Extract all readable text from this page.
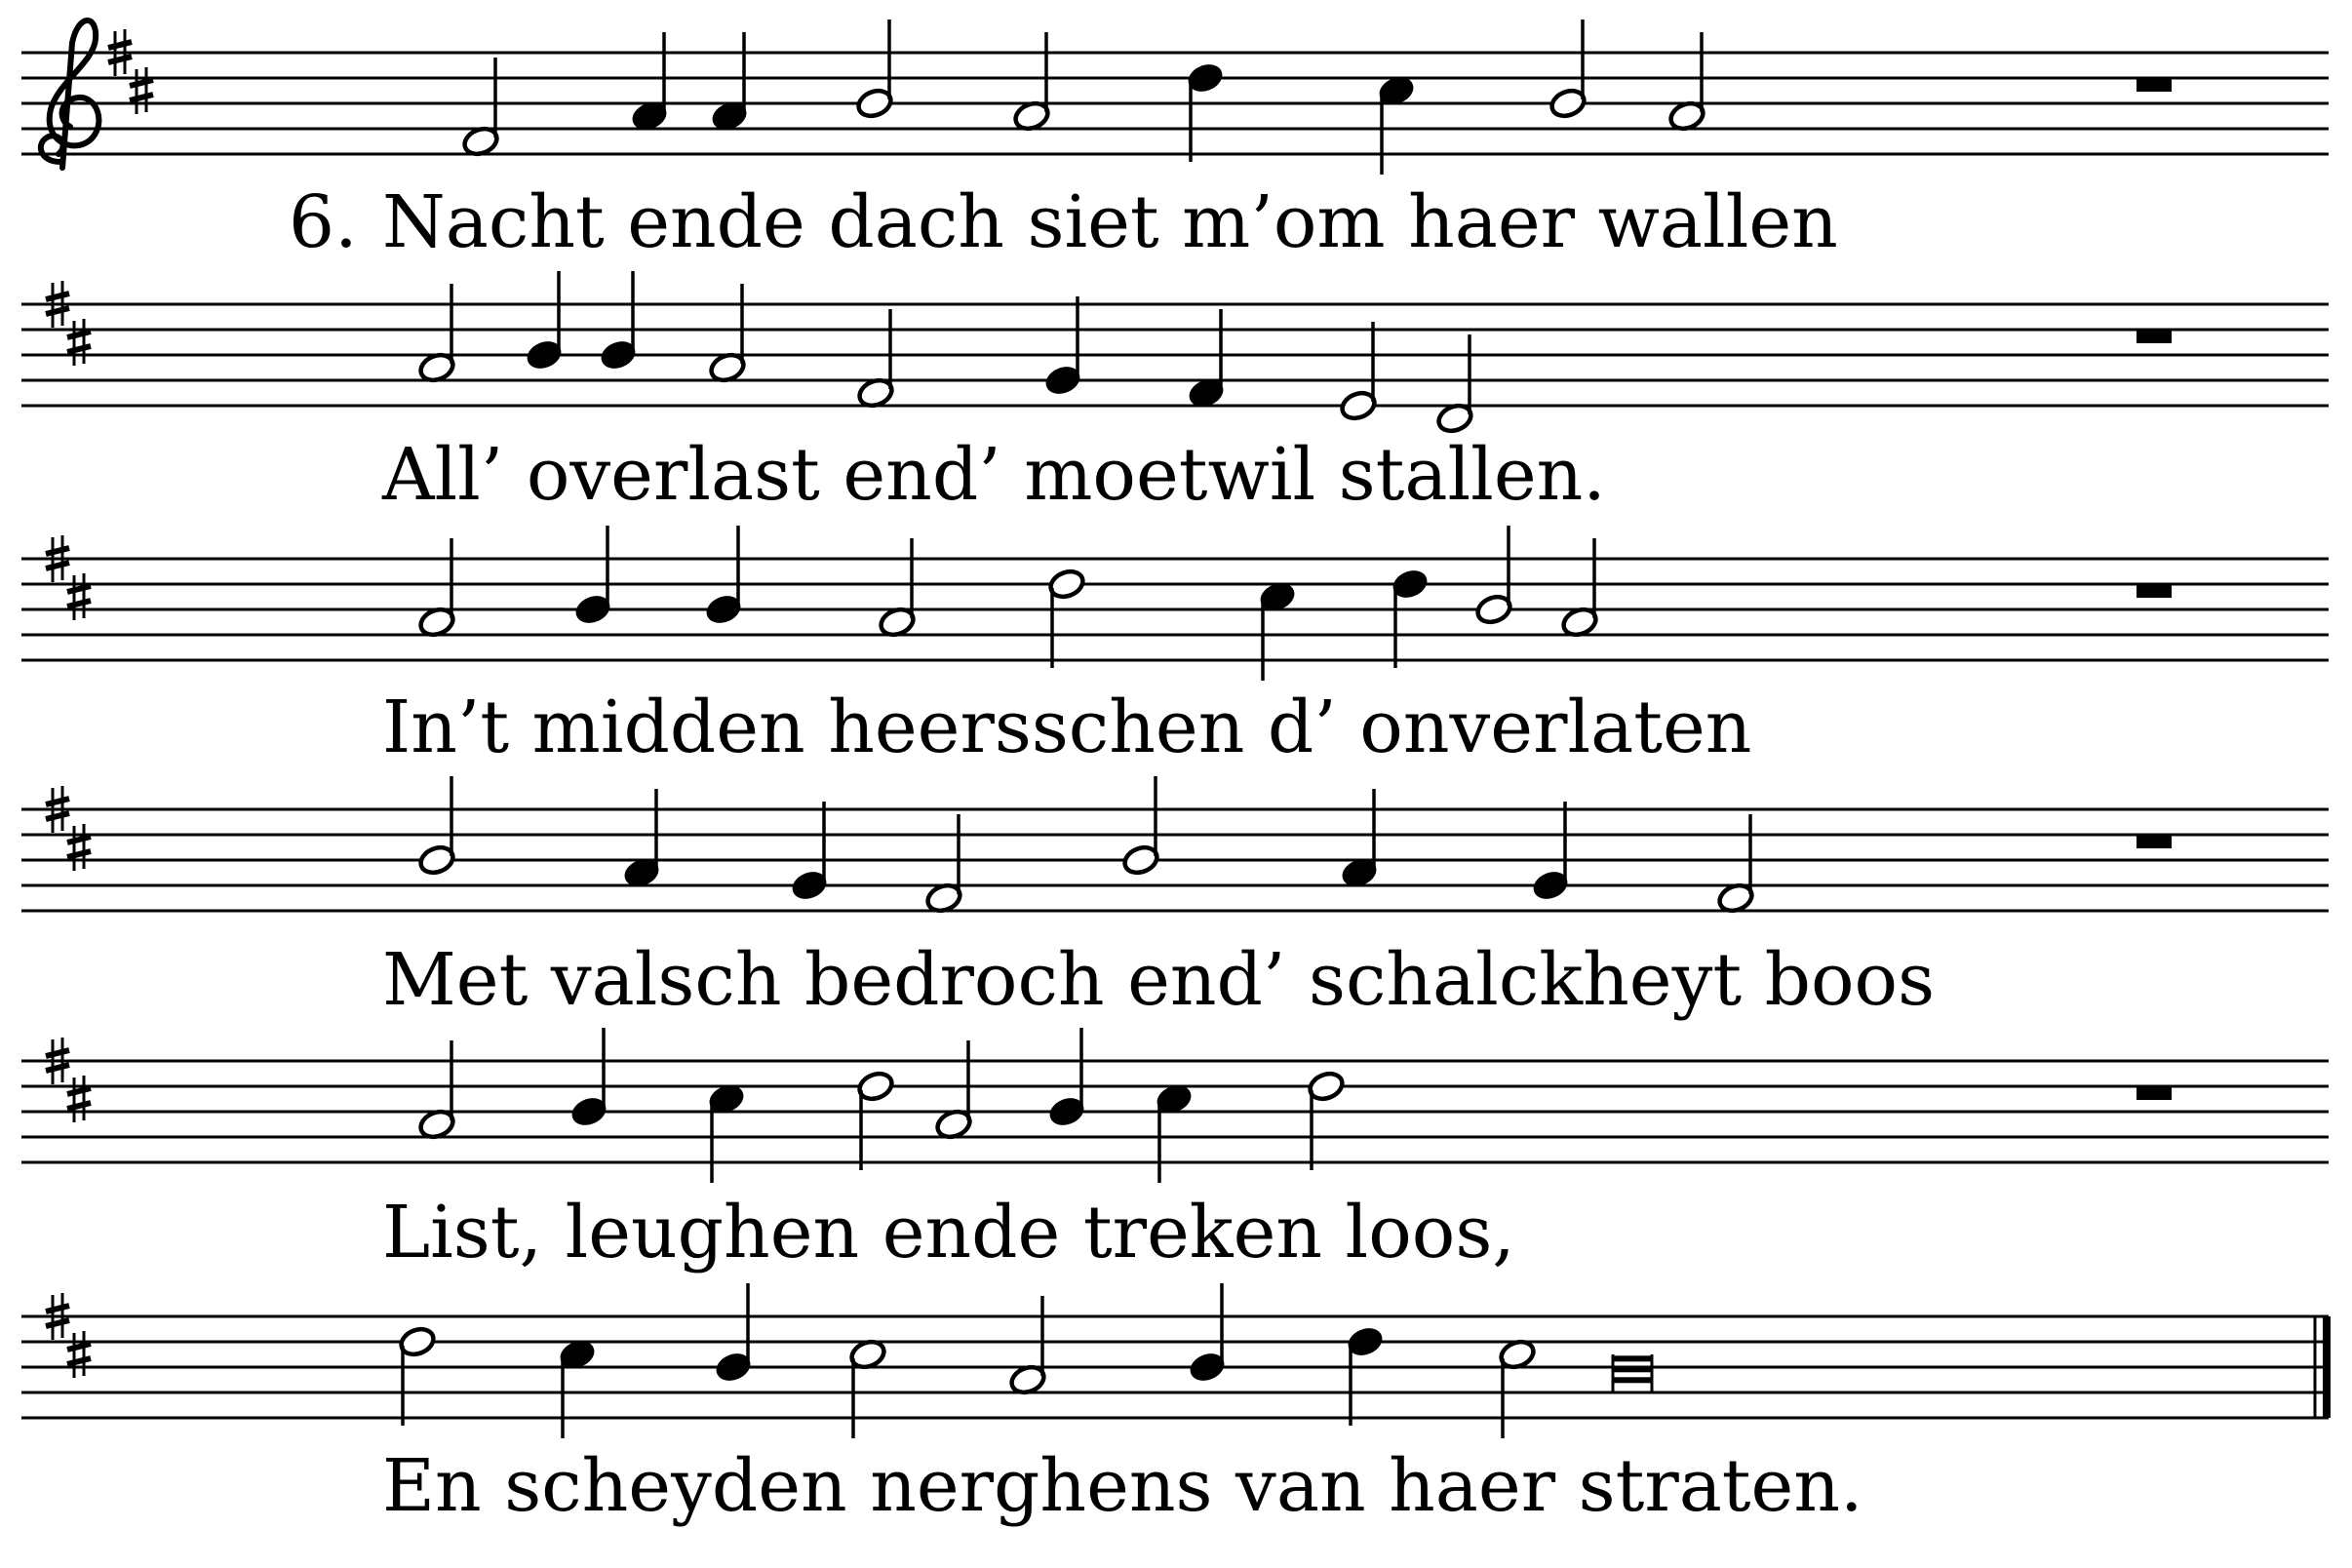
6. Nacht ende dach siet m’om haer wallen
All’ overlast end’ moetwil stallen.
In’t midden heersschen d’ onverlaten
Met valsch bedroch end’ schalckheyt boos
List, leughen ende treken loos,
En scheyden nerghens van haer straten.
